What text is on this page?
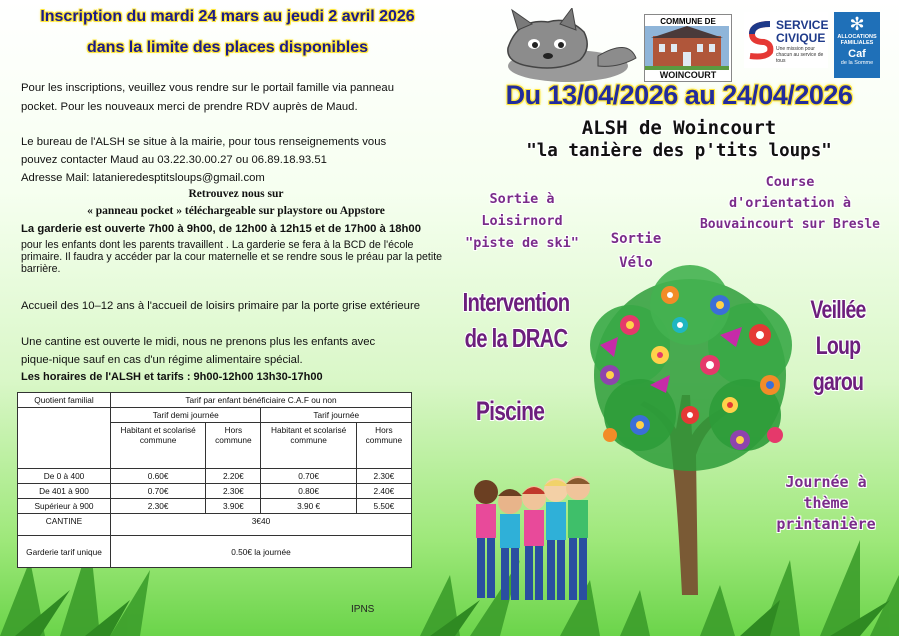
Inscription du mardi 24 mars au jeudi 2 avril 2026
dans la limite des places disponibles
Pour les inscriptions, veuillez vous rendre sur le portail famille via panneau
pocket. Pour les nouveaux merci de prendre RDV auprès de Maud.
Le bureau de l'ALSH se situe à la mairie, pour tous renseignements vous
pouvez contacter Maud au 03.22.30.00.27 ou 06.89.18.93.51
Adresse Mail: latanieredesptitsloups@gmail.com
Retrouvez nous sur
« panneau pocket » téléchargeable sur playstore ou Appstore
La garderie est ouverte 7h00 à 9h00, de 12h00 à 12h15 et de 17h00 à 18h00
pour les enfants dont les parents travaillent . La garderie se fera à la BCD de l'école primaire. Il faudra y accéder par la cour maternelle et se rendre sous le préau par la petite barrière.
Accueil des 10–12 ans à l'accueil de loisirs primaire par la porte grise extérieure
Une cantine est ouverte le midi, nous ne prenons plus les enfants avec
pique-nique sauf en cas d'un régime alimentaire spécial.
Les horaires de l'ALSH et tarifs : 9h00-12h00 13h30-17h00
Quotient familial	Tarif par enfant bénéficiaire C.A.F ou non			
	Tarif demi journée		Tarif journée	
	Habitant et scolarisé commune	Hors commune	Habitant et scolarisé commune	Hors commune
De 0 à 400	0.60€	2.20€	0.70€	2.30€
De 401 à 900	0.70€	2.30€	0.80€	2.40€
Supérieur à 900	2.30€	3.90€	3.90 €	5.50€
CANTINE	3€40			
Garderie tarif unique	0.50€ la journée			
IPNS
COMMUNE DE
WOINCOURT
SERVICE
CIVIQUE
Une mission pour chacun au service de tous
✻
ALLOCATIONS
FAMILIALES
Caf
de la Somme
Du 13/04/2026 au 24/04/2026
ALSH de Woincourt
"la tanière des p'tits loups"
Sortie à
Loisirnord
"piste de ski"
Course
d'orientation à
Bouvaincourt sur Bresle
Sortie
Vélo
Intervention
de la DRAC
Veillée
Loup garou
Piscine
Journée à
thème
printanière
